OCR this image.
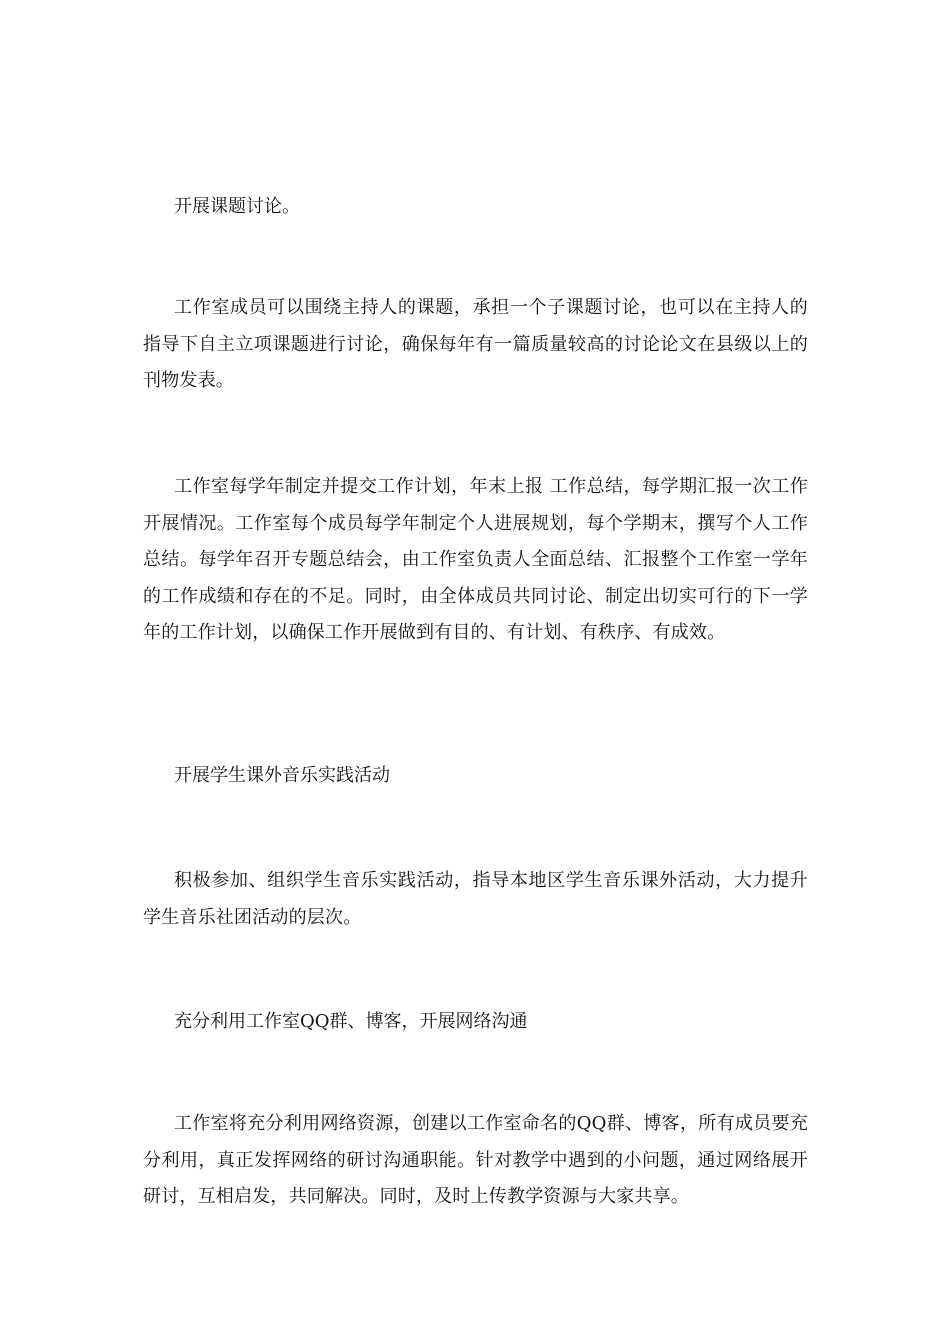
开展课题讨论。

工作室成员可以围绕主持人的课题，承担一个子课题讨论，也可以在主持人的指导下自主立项课题进行讨论，确保每年有一篇质量较高的讨论论文在县级以上的刊物发表。

工作室每学年制定并提交工作计划，年末上报 工作总结，每学期汇报一次工作开展情况。工作室每个成员每学年制定个人进展规划，每个学期末，撰写个人工作总结。每学年召开专题总结会，由工作室负责人全面总结、汇报整个工作室一学年的工作成绩和存在的不足。同时，由全体成员共同讨论、制定出切实可行的下一学年的工作计划，以确保工作开展做到有目的、有计划、有秩序、有成效。

开展学生课外音乐实践活动

积极参加、组织学生音乐实践活动，指导本地区学生音乐课外活动，大力提升学生音乐社团活动的层次。

充分利用工作室QQ群、博客，开展网络沟通

工作室将充分利用网络资源，创建以工作室命名的QQ群、博客，所有成员要充分利用，真正发挥网络的研讨沟通职能。针对教学中遇到的小问题，通过网络展开研讨，互相启发，共同解决。同时，及时上传教学资源与大家共享。
